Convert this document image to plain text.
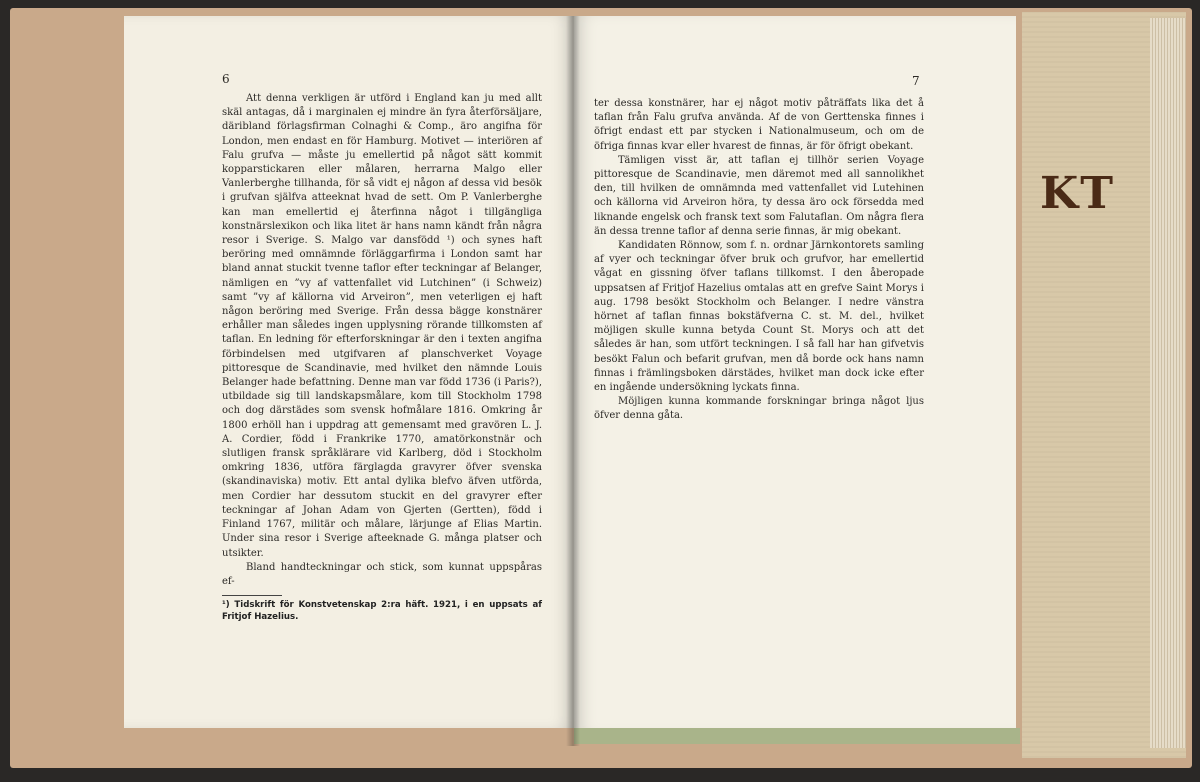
KT
6

Att denna verkligen är utförd i England kan ju med allt skäl antagas, då i marginalen ej mindre än fyra återförsäljare, däribland förlagsfirman Colnaghi & Comp., äro angifna för London, men endast en för Hamburg. Motivet — interiören af Falu grufva — måste ju emellertid på något sätt kommit kopparstickaren eller målaren, herrarna Malgo eller Vanlerberghe tillhanda, för så vidt ej någon af dessa vid besök i grufvan själfva atteeknat hvad de sett. Om P. Vanlerberghe kan man emellertid ej återfinna något i tillgängliga konstnärslexikon och lika litet är hans namn kändt från några resor i Sverige. S. Malgo var dansfödd ¹) och synes haft beröring med omnämnde förläggarfirma i London samt har bland annat stuckit tvenne taflor efter teckningar af Belanger, nämligen en ”vy af vattenfallet vid Lutchinen” (i Schweiz) samt ”vy af källorna vid Arveiron”, men veterligen ej haft någon beröring med Sverige. Från dessa bägge konstnärer erhåller man således ingen upplysning rörande tillkomsten af taflan. En ledning för efterforskningar är den i texten angifna förbindelsen med utgifvaren af planschverket Voyage pittoresque de Scandinavie, med hvilket den nämnde Louis Belanger hade befattning. Denne man var född 1736 (i Paris?), utbildade sig till landskapsmålare, kom till Stockholm 1798 och dog därstädes som svensk hofmålare 1816. Omkring år 1800 erhöll han i uppdrag att gemensamt med gravören L. J. A. Cordier, född i Frankrike 1770, amatörkonstnär och slutligen fransk språklärare vid Karlberg, död i Stockholm omkring 1836, utföra färglagda gravyrer öfver svenska (skandinaviska) motiv. Ett antal dylika blefvo äfven utförda, men Cordier har dessutom stuckit en del gravyrer efter teckningar af Johan Adam von Gjerten (Gertten), född i Finland 1767, militär och målare, lärjunge af Elias Martin. Under sina resor i Sverige afteeknade G. många platser och utsikter.

Bland handteckningar och stick, som kunnat uppspåras ef-

¹) Tidskrift för Konstvetenskap 2:ra häft. 1921, i en uppsats af Fritjof Hazelius.
7

ter dessa konstnärer, har ej något motiv påträffats lika det å taflan från Falu grufva använda. Af de von Gerttenska finnes i öfrigt endast ett par stycken i Nationalmuseum, och om de öfriga finnas kvar eller hvarest de finnas, är för öfrigt obekant.

Tämligen visst är, att taflan ej tillhör serien Voyage pittoresque de Scandinavie, men däremot med all sannolikhet den, till hvilken de omnämnda med vattenfallet vid Lutehinen och källorna vid Arveiron höra, ty dessa äro ock försedda med liknande engelsk och fransk text som Falutaflan. Om några flera än dessa trenne taflor af denna serie finnas, är mig obekant.

Kandidaten Rönnow, som f. n. ordnar Järnkontorets samling af vyer och teckningar öfver bruk och grufvor, har emellertid vågat en gissning öfver taflans tillkomst. I den åberopade uppsatsen af Fritjof Hazelius omtalas att en grefve Saint Morys i aug. 1798 besökt Stockholm och Belanger. I nedre vänstra hörnet af taflan finnas bokstäfverna C. st. M. del., hvilket möjligen skulle kunna betyda Count St. Morys och att det således är han, som utfört teckningen. I så fall har han gifvetvis besökt Falun och befarit grufvan, men då borde ock hans namn finnas i främlingsboken därstädes, hvilket man dock icke efter en ingående undersökning lyckats finna.

Möjligen kunna kommande forskningar bringa något ljus öfver denna gåta.
